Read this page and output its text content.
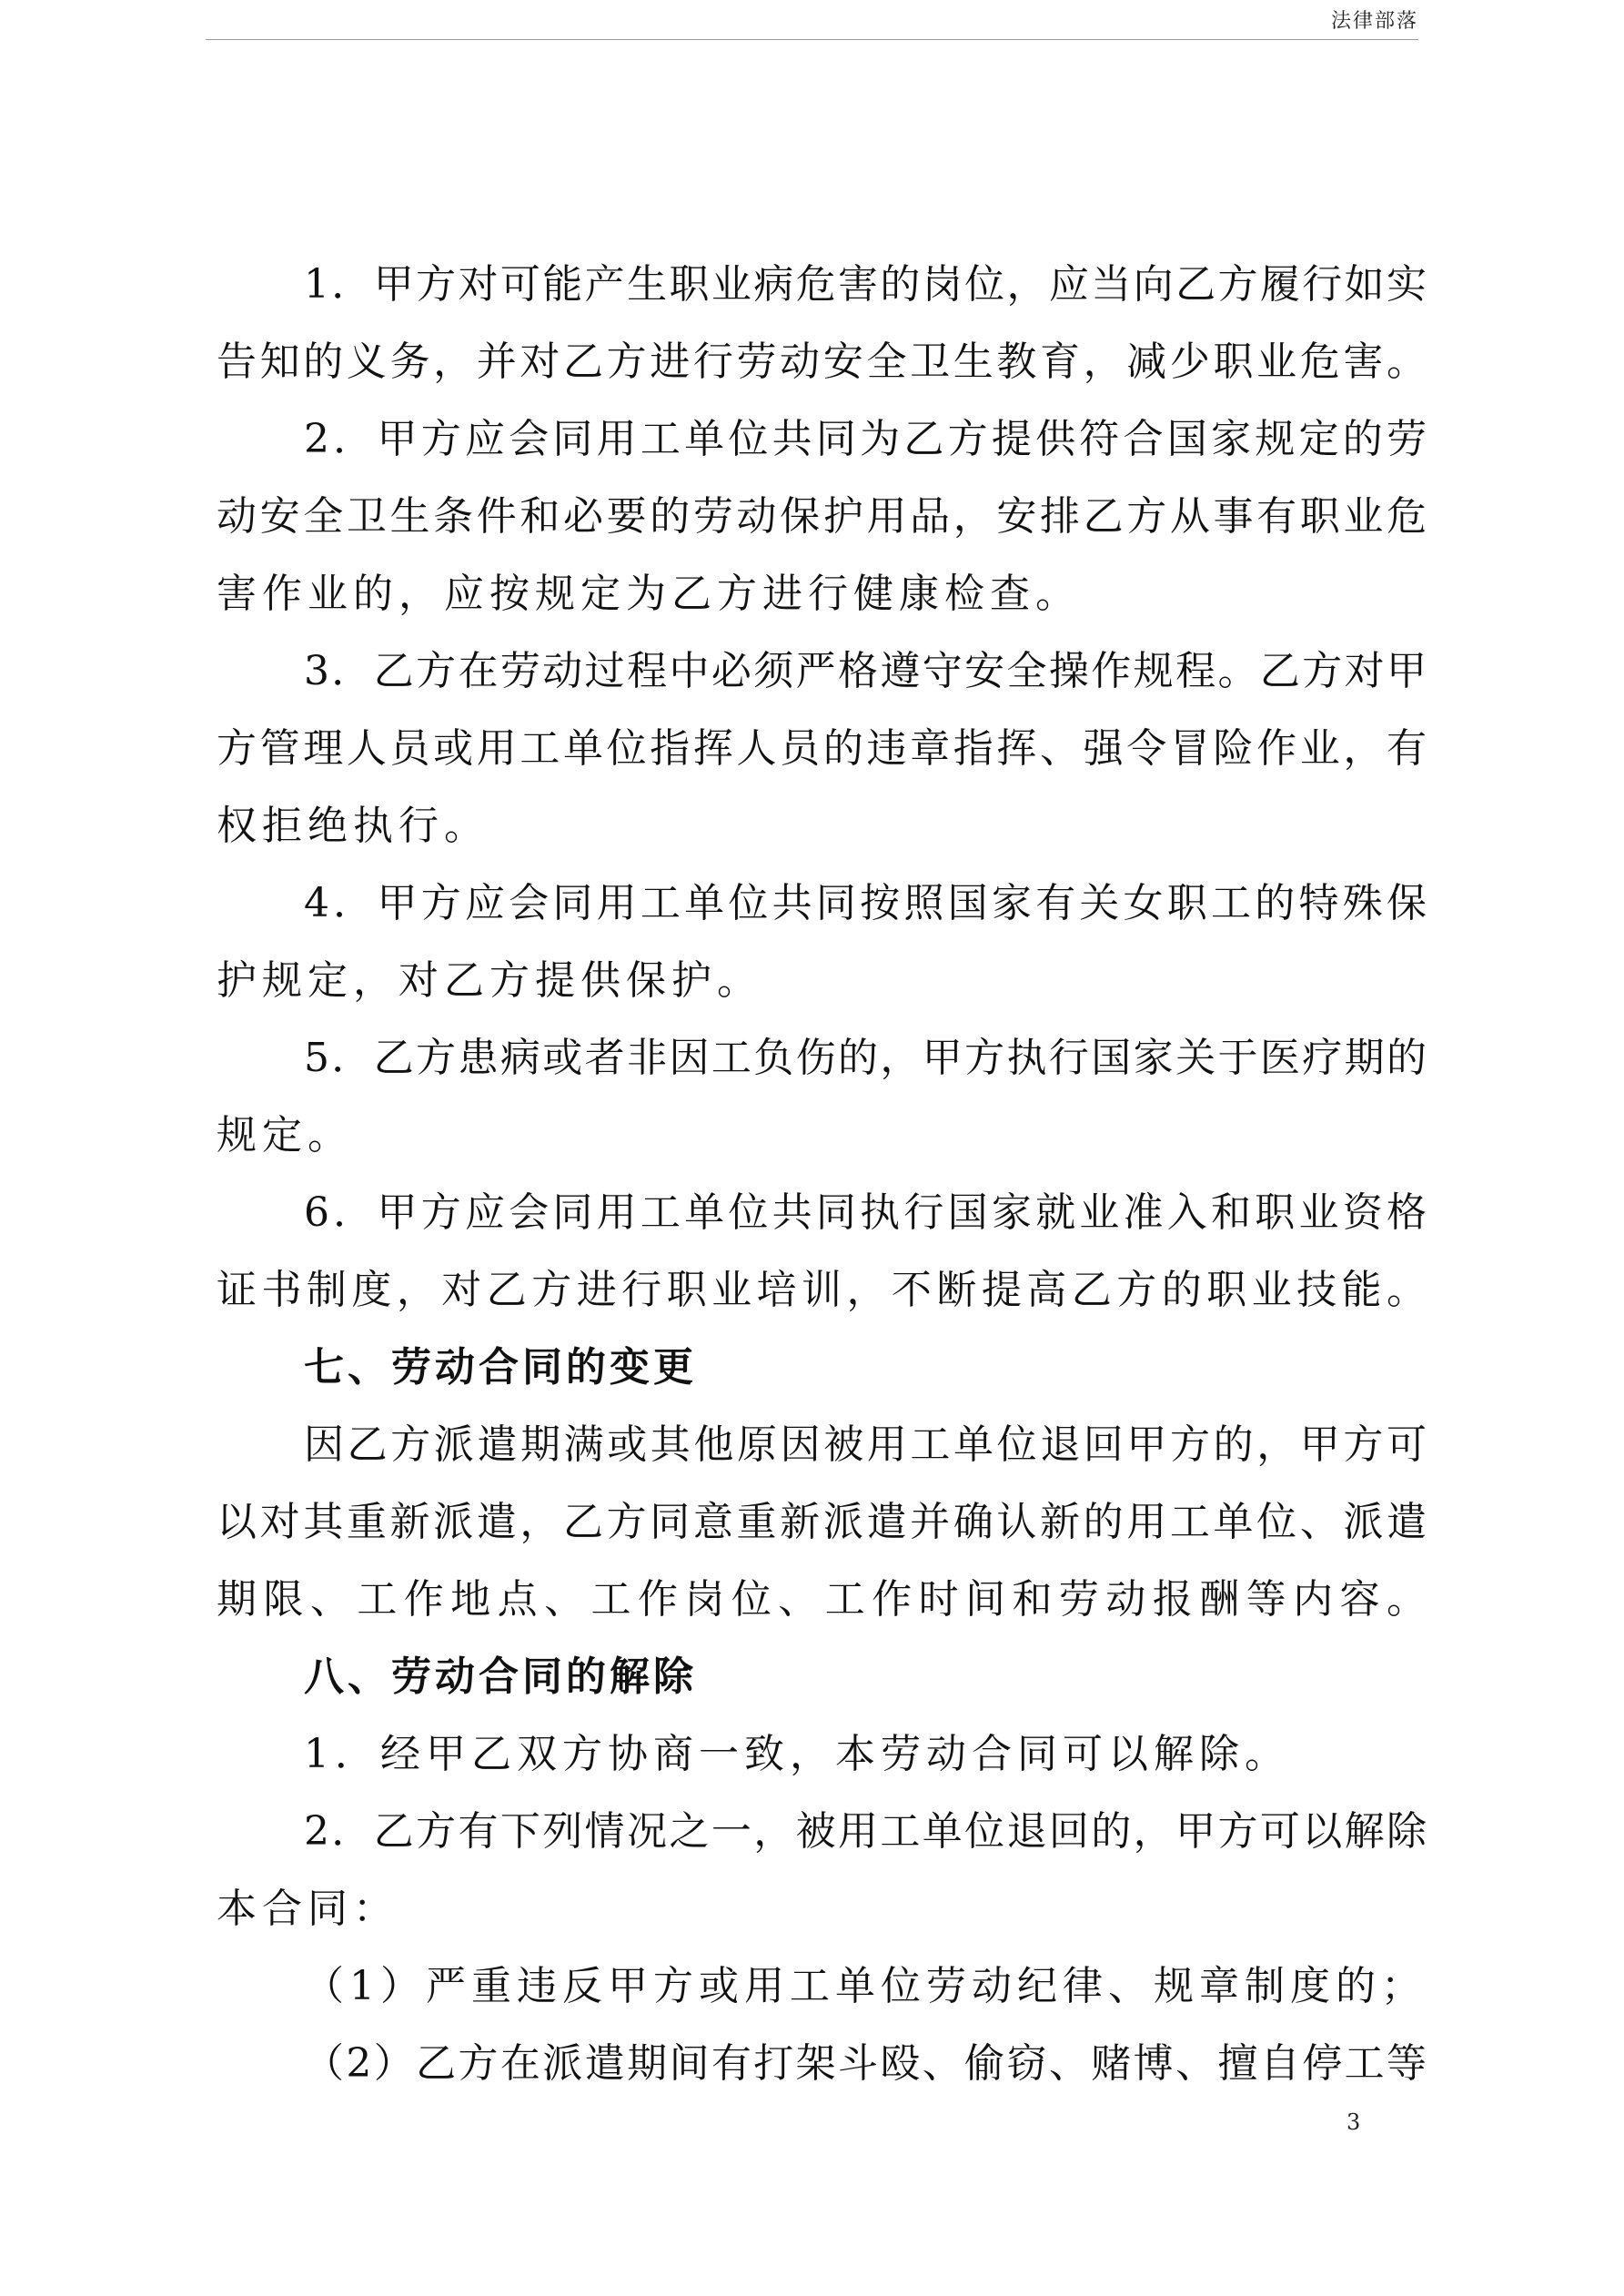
法律部落
1．甲方对可能产生职业病危害的岗位，应当向乙方履行如实
告知的义务，并对乙方进行劳动安全卫生教育，减少职业危害。
2．甲方应会同用工单位共同为乙方提供符合国家规定的劳
动安全卫生条件和必要的劳动保护用品，安排乙方从事有职业危
害作业的，应按规定为乙方进行健康检查。
3．乙方在劳动过程中必须严格遵守安全操作规程。乙方对甲
方管理人员或用工单位指挥人员的违章指挥、强令冒险作业，有
权拒绝执行。
4．甲方应会同用工单位共同按照国家有关女职工的特殊保
护规定，对乙方提供保护。
5．乙方患病或者非因工负伤的，甲方执行国家关于医疗期的
规定。
6．甲方应会同用工单位共同执行国家就业准入和职业资格
证书制度，对乙方进行职业培训，不断提高乙方的职业技能。
七、劳动合同的变更
因乙方派遣期满或其他原因被用工单位退回甲方的，甲方可
以对其重新派遣，乙方同意重新派遣并确认新的用工单位、派遣
期限、工作地点、工作岗位、工作时间和劳动报酬等内容。
八、劳动合同的解除
1．经甲乙双方协商一致，本劳动合同可以解除。
2．乙方有下列情况之一，被用工单位退回的，甲方可以解除
本合同：
（1）严重违反甲方或用工单位劳动纪律、规章制度的；
（2）乙方在派遣期间有打架斗殴、偷窃、赌博、擅自停工等
3
